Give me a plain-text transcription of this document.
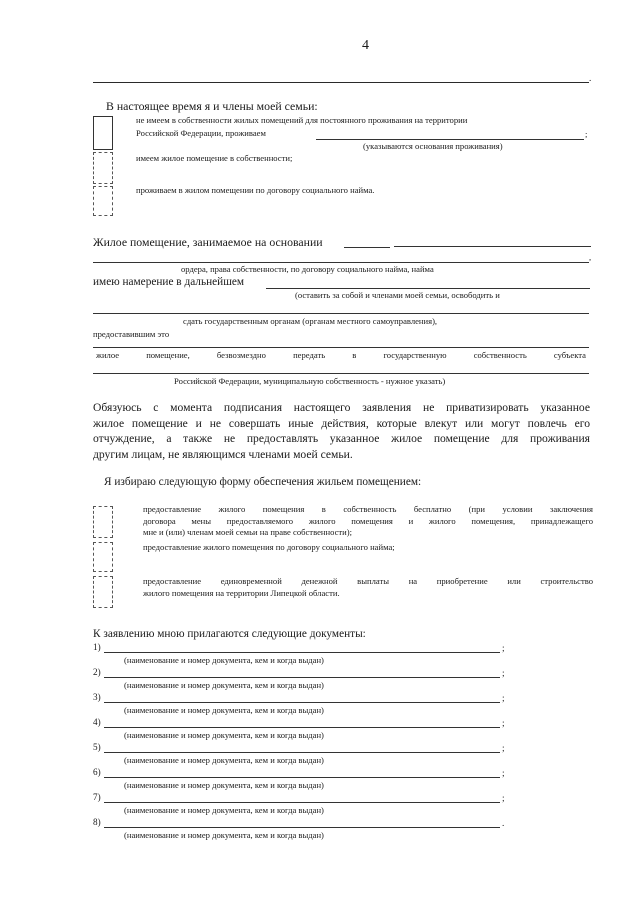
4
.
В настоящее время я и члены моей семьи:
не имеем в собственности жилых помещений для постоянного проживания на территории
Российской Федерации, проживаем	;
(указываются основания проживания)
имеем жилое помещение в собственности;
проживаем в жилом помещении по договору социального найма.
Жилое помещение, занимаемое на основании
,
ордера, права собственности, по договору социального найма, найма
имею намерение в дальнейшем
(оставить за собой и членами моей семьи, освободить и
сдать государственным органам (органам местного самоуправления),
предоставившим это
жилое	помещение,	безвозмездно	передать	в	государственную	собственность	субъекта
Российской Федерации, муниципальную собственность - нужное указать)
Обязуюсь с момента подписания настоящего заявления не приватизировать указанное
жилое помещение и не совершать иные действия, которые влекут или могут повлечь его
отчуждение, а также не предоставлять указанное жилое помещение для проживания
другим лицам, не являющимся членами моей семьи.
Я избираю следующую форму обеспечения жильем помещением:
предоставление жилого помещения в собственность бесплатно (при условии заключения
договора мены предоставляемого жилого помещения и жилого помещения, принадлежащего
мне и (или) членам моей семьи на праве собственности);
предоставление жилого помещения по договору социального найма;
предоставление единовременной денежной выплаты на приобретение или строительство
жилого помещения на территории Липецкой области.
К заявлению мною прилагаются следующие документы:
1)	;
(наименование и номер документа, кем и когда выдан)
2)	;
(наименование и номер документа, кем и когда выдан)
3)	;
(наименование и номер документа, кем и когда выдан)
4)	;
(наименование и номер документа, кем и когда выдан)
5)	;
(наименование и номер документа, кем и когда выдан)
6)	;
(наименование и номер документа, кем и когда выдан)
7)	;
(наименование и номер документа, кем и когда выдан)
8)	.
(наименование и номер документа, кем и когда выдан)
